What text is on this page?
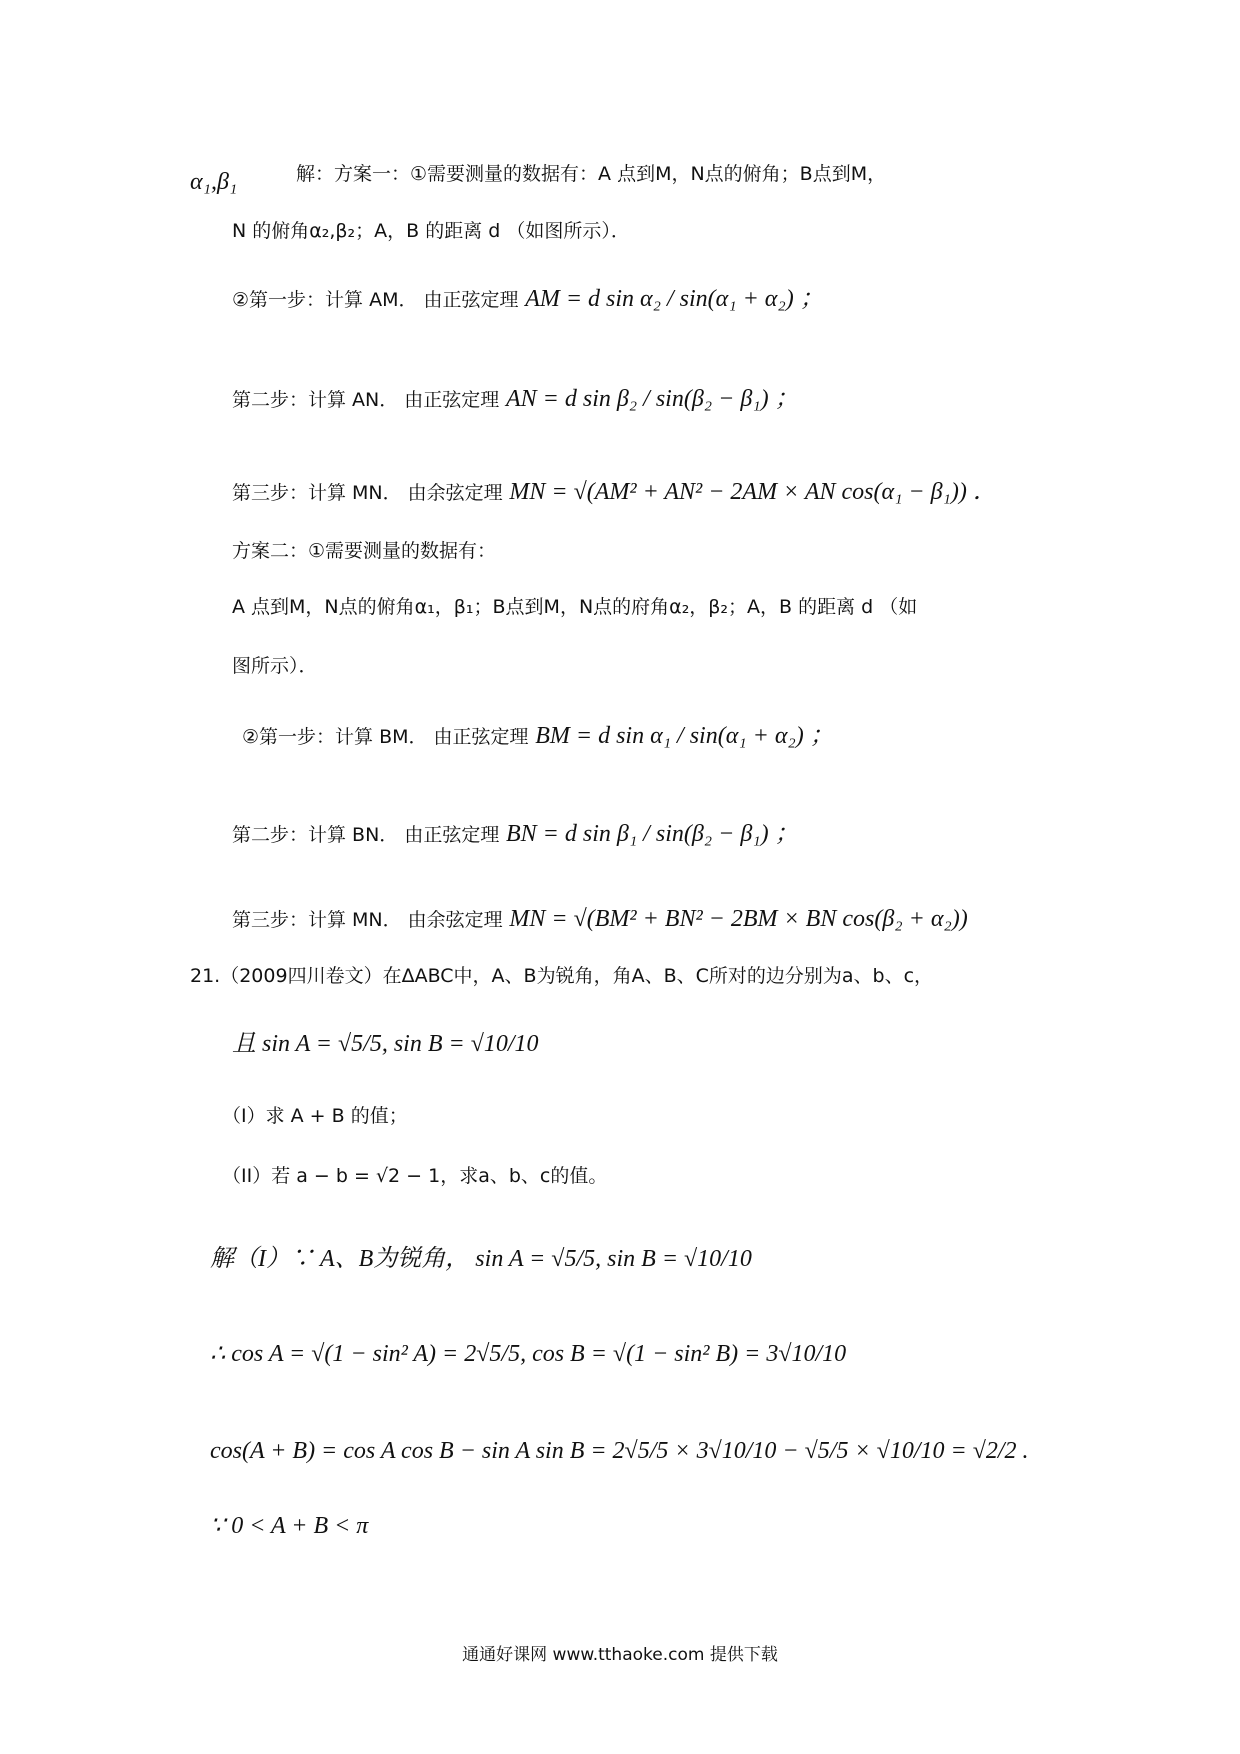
α₁,β₁	解：方案一：①需要测量的数据有：A 点到M，N点的俯角；B点到M，
N 的俯角α₂,β₂；A，B 的距离 d （如图所示）．
②第一步：计算 AM． 由正弦定理 AM = d sin α₂ / sin(α₁ + α₂) ；
第二步：计算 AN． 由正弦定理 AN = d sin β₂ / sin(β₂ − β₁) ；
第三步：计算 MN． 由余弦定理 MN = √(AM² + AN² − 2AM × AN cos(α₁ − β₁)) ．
方案二：①需要测量的数据有：
A 点到M，N点的俯角α₁，β₁；B点到M，N点的府角α₂，β₂；A，B 的距离 d （如
图所示）．
②第一步：计算 BM． 由正弦定理 BM = d sin α₁ / sin(α₁ + α₂) ；
第二步：计算 BN． 由正弦定理 BN = d sin β₁ / sin(β₂ − β₁) ；
第三步：计算 MN． 由余弦定理 MN = √(BM² + BN² − 2BM × BN cos(β₂ + α₂))
21.（2009四川卷文）在ΔABC中，A、B为锐角，角A、B、C所对的边分别为a、b、c，
且 sin A = √5/5, sin B = √10/10
（I）求 A + B 的值；
（II）若 a − b = √2 − 1，求a、b、c的值。
解（I）∵ A、B为锐角， sin A = √5/5, sin B = √10/10
∴ cos A = √(1 − sin² A) = 2√5/5, cos B = √(1 − sin² B) = 3√10/10
cos(A + B) = cos A cos B − sin A sin B = 2√5/5 × 3√10/10 − √5/5 × √10/10 = √2/2 .
∵ 0 < A + B < π
通通好课网 www.tthaoke.com 提供下载
